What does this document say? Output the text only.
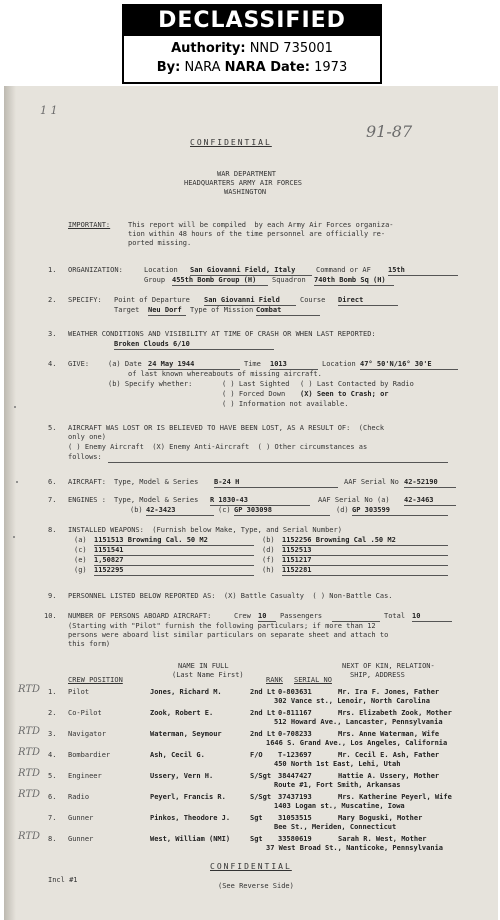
DECLASSIFIED
Authority: NND 735001
By: NARA NARA Date: 1973
1 1
91-87
CONFIDENTIAL
WAR DEPARTMENT
HEADQUARTERS ARMY AIR FORCES
WASHINGTON
IMPORTANT:	This report will be compiled  by each Army Air Forces organiza-
tion within 48 hours of the time personnel are officially re-
ported missing.
1. ORGANIZATION:	Location San Giovanni Field, Italy	Command or AF 15th
Group 455th Bomb Group (H) Squadron 740th Bomb Sq (H)
2. SPECIFY: Point of Departure San Giovanni Field	Course Direct
Target Neu Dorf Type of Mission Combat
3. WEATHER CONDITIONS AND VISIBILITY AT TIME OF CRASH OR WHEN LAST REPORTED:
Broken Clouds 6/10
4. GIVE:	(a) Date 24 May 1944	Time 1013	Location 47° 50'N/16° 30'E
of last known whereabouts of missing aircraft.
(b) Specify whether:	( ) Last Sighted ( ) Last Contacted by Radio
( ) Forced Down (X) Seen to Crash; or
( ) Information not available.
5. AIRCRAFT WAS LOST OR IS BELIEVED TO HAVE BEEN LOST, AS A RESULT OF:  (Check
only one)
( ) Enemy Aircraft  (X) Enemy Anti-Aircraft  ( ) Other circumstances as
follows:
6. AIRCRAFT: Type, Model & Series B-24 H	AAF Serial No 42-52190
7. ENGINES : Type, Model & Series R 1830-43	AAF Serial No (a) 42-3463
(b) 42-3423	(c) GP 303098	(d) GP 303599
8. INSTALLED WEAPONS:  (Furnish below Make, Type, and Serial Number)
(a) 1151513 Browning Cal. 50 M2	(b) 1152256 Browning Cal .50 M2
(c) 1151541	(d) 1152513
(e) 1,50827	(f) 1151217
(g) 1152295	(h) 1152281
9. PERSONNEL LISTED BELOW REPORTED AS:  (X) Battle Casualty  ( ) Non-Battle Cas.
10. NUMBER OF PERSONS ABOARD AIRCRAFT:	Crew 10 Passengers	Total 10
(Starting with "Pilot" furnish the following particulars; if more than 12
persons were aboard list similar particulars on separate sheet and attach to
this form)
NAME IN FULL
(Last Name First)
NEXT OF KIN, RELATION-
SHIP, ADDRESS
CREW POSITION	RANK SERIAL NO
RTD 1. Pilot	Jones, Richard M.	2nd Lt 0-803631	Mr. Ira F. Jones, Father
302 Vance st., Lenoir, North Carolina
2. Co-Pilot	Zook, Robert E.	2nd Lt 0-811167	Mrs. Elizabeth Zook, Mother
512 Howard Ave., Lancaster, Pennsylvania
RTD 3. Navigator	Waterman, Seymour	2nd Lt 0-708233	Mrs. Anne Waterman, Wife
1646 S. Grand Ave., Los Angeles, California
RTD 4. Bombardier	Ash, Cecil G.	F/O T-123697	Mr. Cecil E. Ash, Father
450 North 1st East, Lehi, Utah
RTD 5. Engineer	Ussery, Vern H.	S/Sgt 38447427	Hattie A. Ussery, Mother
Route #1, Fort Smith, Arkansas
RTD 6. Radio	Peyerl, Francis R.	S/Sgt 37437193	Mrs. Katherine Peyerl, Wife
1403 Logan st., Muscatine, Iowa
7. Gunner	Pinkos, Theodore J.	Sgt 31053515	Mary Boguski, Mother
Bee St., Meriden, Connecticut
RTD 8. Gunner	West, William (NMI)	Sgt 33580619	Sarah R. West, Mother
37 West Broad St., Nanticoke, Pennsylvania
CONFIDENTIAL
(See Reverse Side)
Incl #1
